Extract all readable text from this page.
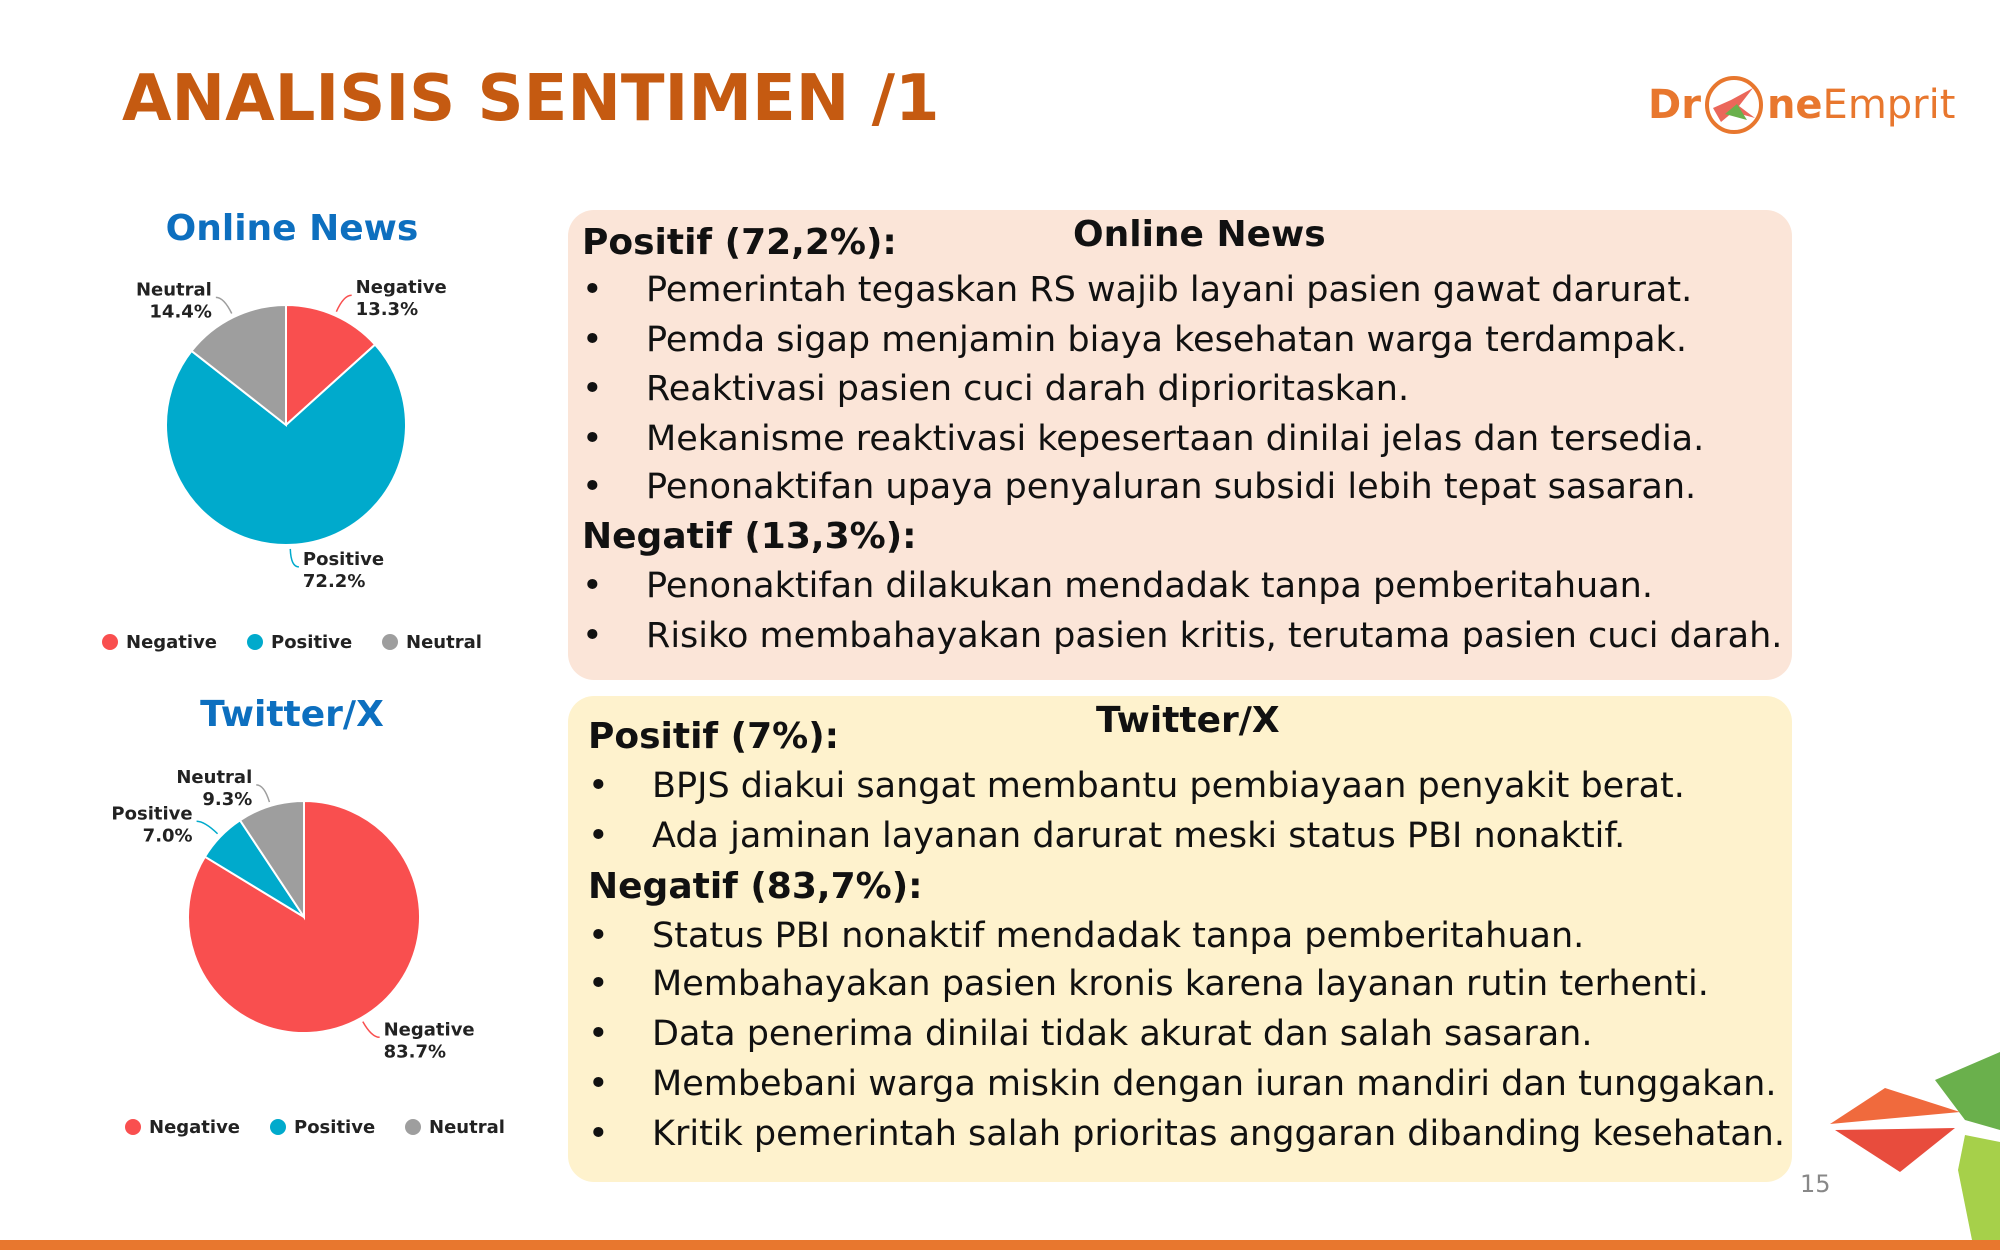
ANALISIS SENTIMEN /1	Dr ne Emprit
Online News
Negative
13.3%
Positive
72.2%
Neutral
14.4%
Negative	Positive	Neutral
Twitter/X
Negative
83.7%
Positive
7.0%
Neutral
9.3%
Negative	Positive	Neutral
Online News
Positif (72,2%):
• Pemerintah tegaskan RS wajib layani pasien gawat darurat.
• Pemda sigap menjamin biaya kesehatan warga terdampak.
• Reaktivasi pasien cuci darah diprioritaskan.
• Mekanisme reaktivasi kepesertaan dinilai jelas dan tersedia.
• Penonaktifan upaya penyaluran subsidi lebih tepat sasaran.
Negatif (13,3%):
• Penonaktifan dilakukan mendadak tanpa pemberitahuan.
• Risiko membahayakan pasien kritis, terutama pasien cuci darah.
Twitter/X
Positif (7%):
• BPJS diakui sangat membantu pembiayaan penyakit berat.
• Ada jaminan layanan darurat meski status PBI nonaktif.
Negatif (83,7%):
• Status PBI nonaktif mendadak tanpa pemberitahuan.
• Membahayakan pasien kronis karena layanan rutin terhenti.
• Data penerima dinilai tidak akurat dan salah sasaran.
• Membebani warga miskin dengan iuran mandiri dan tunggakan.
• Kritik pemerintah salah prioritas anggaran dibanding kesehatan.
15
